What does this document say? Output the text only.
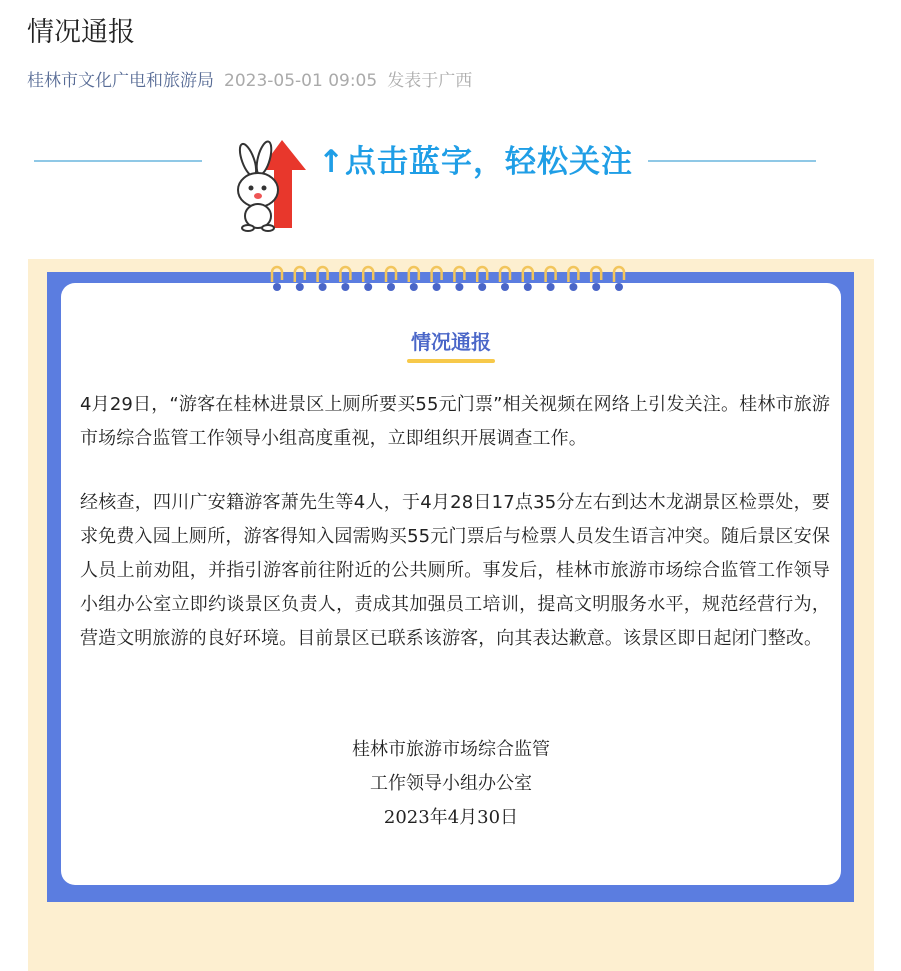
情况通报
桂林市文化广电和旅游局 2023-05-01 09:05 发表于广西
↑点击蓝字，轻松关注
情况通报

4月29日，“游客在桂林进景区上厕所要买55元门票”相关视频在网络上引发关注。桂林市旅游市场综合监管工作领导小组高度重视，立即组织开展调查工作。

经核查，四川广安籍游客萧先生等4人，于4月28日17点35分左右到达木龙湖景区检票处，要求免费入园上厕所，游客得知入园需购买55元门票后与检票人员发生语言冲突。随后景区安保人员上前劝阻，并指引游客前往附近的公共厕所。事发后，桂林市旅游市场综合监管工作领导小组办公室立即约谈景区负责人，责成其加强员工培训，提高文明服务水平，规范经营行为，营造文明旅游的良好环境。目前景区已联系该游客，向其表达歉意。该景区即日起闭门整改。

桂林市旅游市场综合监管
工作领导小组办公室
2023年4月30日
